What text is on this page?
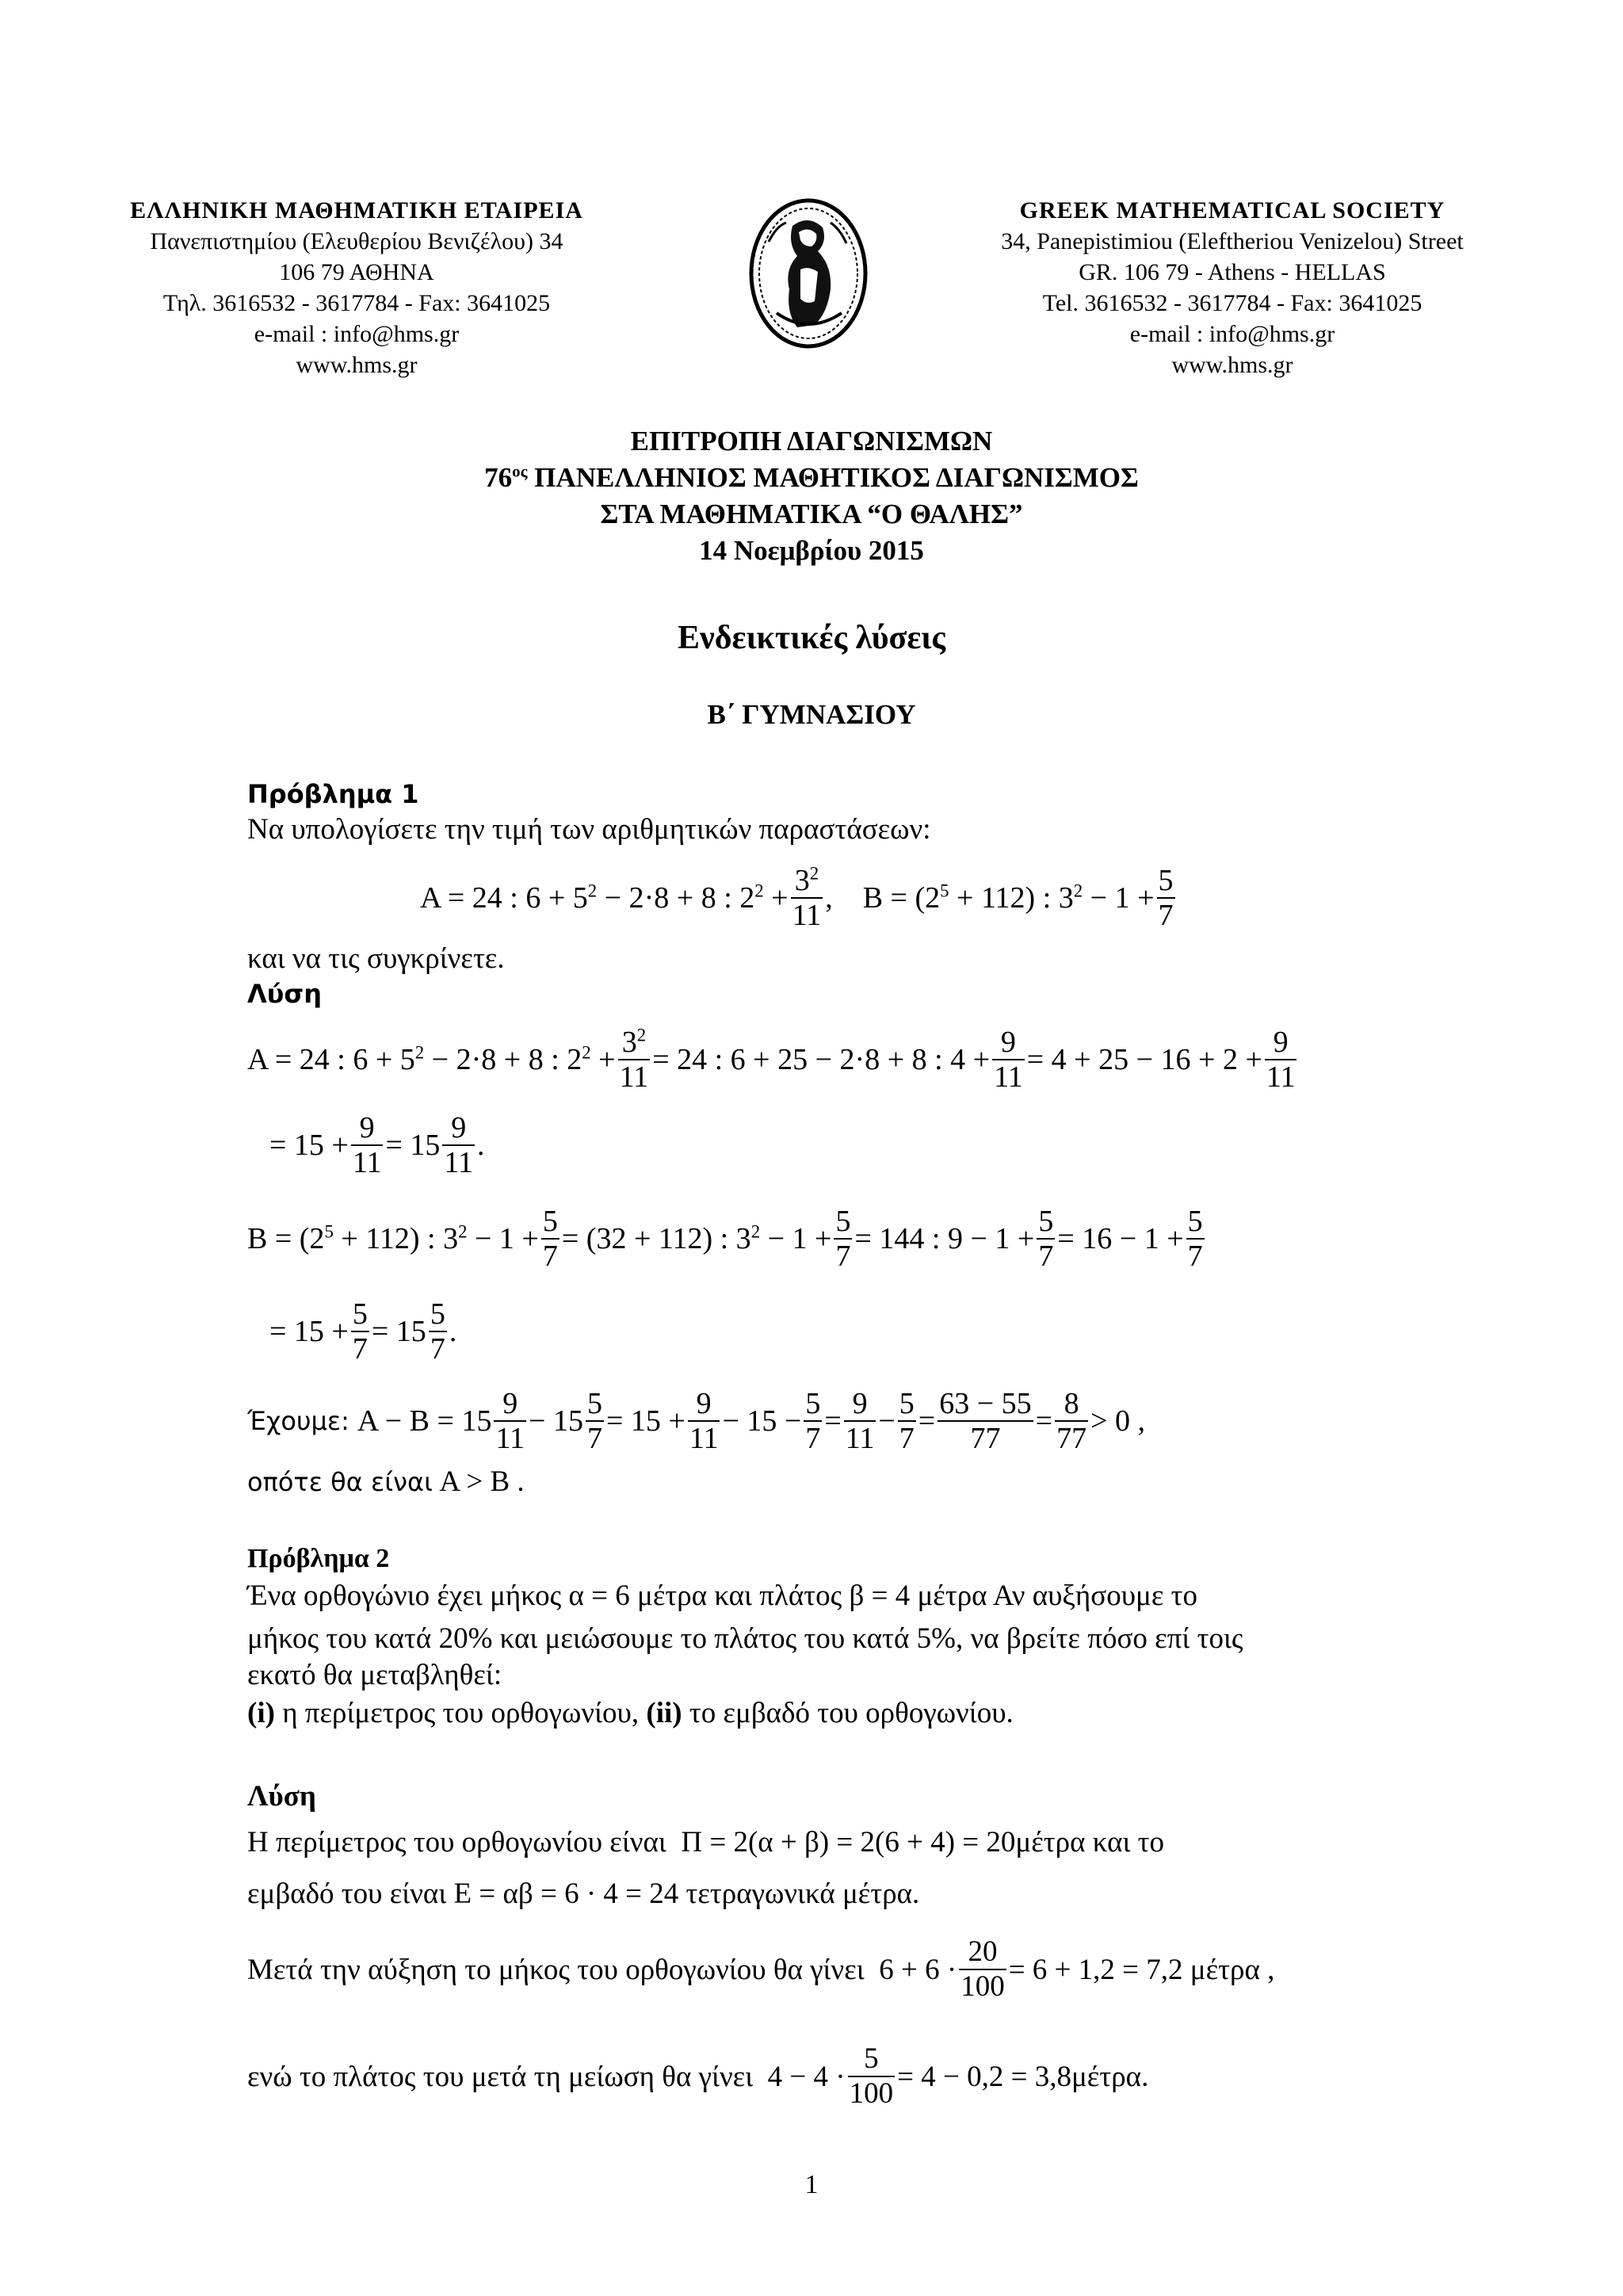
ΕΛΛΗΝΙΚΗ ΜΑΘΗΜΑΤΙΚΗ ΕΤΑΙΡΕΙΑ
Πανεπιστημίου (Ελευθερίου Βενιζέλου) 34
106 79 ΑΘΗΝΑ
Τηλ. 3616532 - 3617784 - Fax: 3641025
e-mail : info@hms.gr
www.hms.gr
GREEK MATHEMATICAL SOCIETY
34, Panepistimiou (Eleftheriou Venizelou) Street
GR. 106 79 - Athens - HELLAS
Tel. 3616532 - 3617784 - Fax: 3641025
e-mail : info@hms.gr
www.hms.gr
ΕΠΙΤΡΟΠΗ ΔΙΑΓΩΝΙΣΜΩΝ
$76^{o\varsigma}$ ΠΑΝΕΛΛΗΝΙΟΣ ΜΑΘΗΤΙΚΟΣ ΔΙΑΓΩΝΙΣΜΟΣ
ΣΤΑ ΜΑΘΗΜΑΤΙΚΑ “Ο ΘΑΛΗΣ”
14 Νοεμβρίου 2015
Ενδεικτικές λύσεις
Β΄ ΓΥΜΝΑΣΙΟΥ
Πρόβλημα 1
Να υπολογίσετε την τιμή των αριθμητικών παραστάσεων:
A = 24 : $6 + 5^2 - 2\cdot 8 + 8$ : $2^2 + \frac{3^2}{11}$ ,    $B = (2^5 + 112)$ : $3^2 - 1 + \frac{5}{7}$
και να τις συγκρίνετε.
Λύση
A = 24 : $6 + 5^2 - 2\cdot 8 + 8$ : $2^2 + \frac{3^2}{11} = 24$ : 6 + 25 − 2·8 + 8 : $4 + \frac{9}{11} = 4 + 25 - 16 + 2 + \frac{9}{11}$
= $15 + \frac{9}{11} = 15 \frac{9}{11}$ .
$B = (2^5 + 112)$ : $3^2 - 1 + \frac{5}{7} = (32 + 112)$ : $3^2 - 1 + \frac{5}{7} = 144$ : $9 - 1 + \frac{5}{7} = 16 - 1 + \frac{5}{7}$
= $15 + \frac{5}{7} = 15 \frac{5}{7}$ .
Έχουμε: $A - B = 15 \frac{9}{11} - 15 \frac{5}{7} = 15 + \frac{9}{11} - 15 - \frac{5}{7} = \frac{9}{11} - \frac{5}{7} = \frac{63 - 55}{77} = \frac{8}{77} > 0$ ,
οπότε θα είναι A > B .
Πρόβλημα 2
Ένα ορθογώνιο έχει μήκος α = 6 μέτρα και πλάτος β = 4 μέτρα Αν αυξήσουμε το
μήκος του κατά 20% και μειώσουμε το πλάτος του κατά 5%, να βρείτε πόσο επί τοις
εκατό θα μεταβληθεί:
(i) η περίμετρος του ορθογωνίου, (ii) το εμβαδό του ορθογωνίου.
Λύση
Η περίμετρος του ορθογωνίου είναι Π = 2(α + β) = 2(6 + 4) = 20μέτρα και το
εμβαδό του είναι Ε = αβ = 6 · 4 = 24 τετραγωνικά μέτρα.
Μετά την αύξηση το μήκος του ορθογωνίου θα γίνει $6 + 6 \cdot \frac{20}{100} = 6 + 1,2 = 7,2$ μέτρα ,
ενώ το πλάτος του μετά τη μείωση θα γίνει $4 - 4 \cdot \frac{5}{100} = 4 - 0,2 = 3,8\mu έ\tau\rho\alpha$.
1
